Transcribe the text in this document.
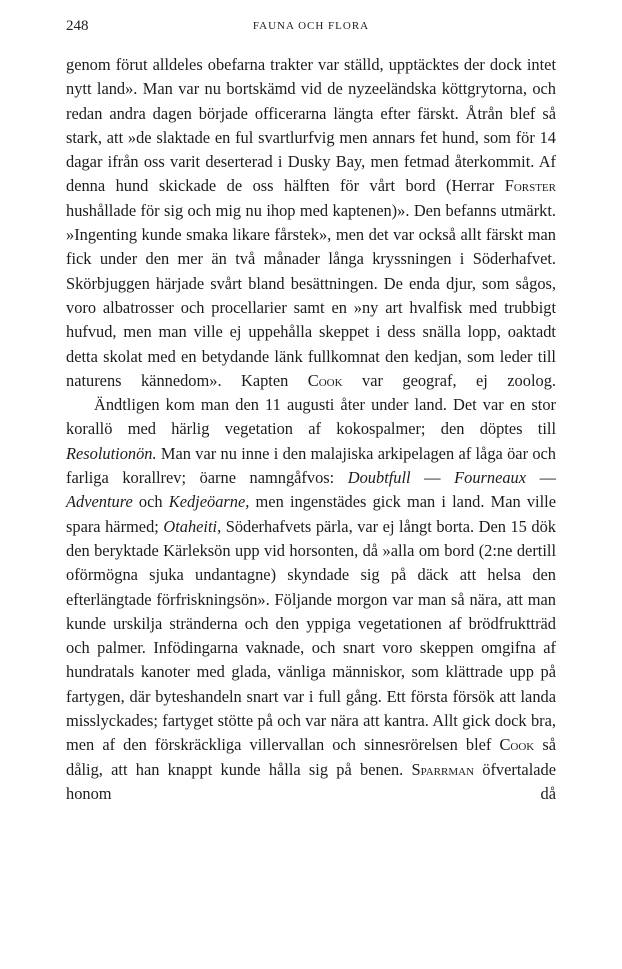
248	FAUNA OCH FLORA

genom förut alldeles obefarna trakter var ställd, upptäcktes der dock intet nytt land». Man var nu bortskämd vid de nyzeeländska köttgrytorna, och redan andra dagen började officerarna längta efter färskt. Åtrån blef så stark, att »de slaktade en ful svartlurfvig men annars fet hund, som för 14 dagar ifrån oss varit deserterad i Dusky Bay, men fetmad återkommit. Af denna hund skickade de oss hälften för vårt bord (Herrar Forster hushållade för sig och mig nu ihop med kaptenen)». Den befanns utmärkt. »Ingenting kunde smaka likare fårstek», men det var också allt färskt man fick under den mer än två månader långa kryssningen i Söderhafvet. Skörbjuggen härjade svårt bland besättningen. De enda djur, som sågos, voro albatrosser och procellarier samt en »ny art hvalfisk med trubbigt hufvud, men man ville ej uppehålla skeppet i dess snälla lopp, oaktadt detta skolat med en betydande länk fullkomnat den kedjan, som leder till naturens kännedom». Kapten Cook var geograf, ej zoolog.

Ändtligen kom man den 11 augusti åter under land. Det var en stor korallö med härlig vegetation af kokospalmer; den döptes till Resolutionön. Man var nu inne i den malajiska arkipelagen af låga öar och farliga korallrev; öarne namngåfvos: Doubtfull — Fourneaux — Adventure och Kedjeöarne, men ingenstädes gick man i land. Man ville spara härmed; Otaheiti, Söderhafvets pärla, var ej långt borta. Den 15 dök den beryktade Kärleksön upp vid horsonten, då »alla om bord (2:ne dertill oförmögna sjuka undantagne) skyndade sig på däck att helsa den efterlängtade förfriskningsön». Följande morgon var man så nära, att man kunde urskilja stränderna och den yppiga vegetationen af brödfruktträd och palmer. Infödingarna vaknade, och snart voro skeppen omgifna af hundratals kanoter med glada, vänliga människor, som klättrade upp på fartygen, där byteshandeln snart var i full gång. Ett första försök att landa misslyckades; fartyget stötte på och var nära att kantra. Allt gick dock bra, men af den förskräckliga villervallan och sinnesrörelsen blef Cook så dålig, att han knappt kunde hålla sig på benen. Sparrman öfvertalade honom då
